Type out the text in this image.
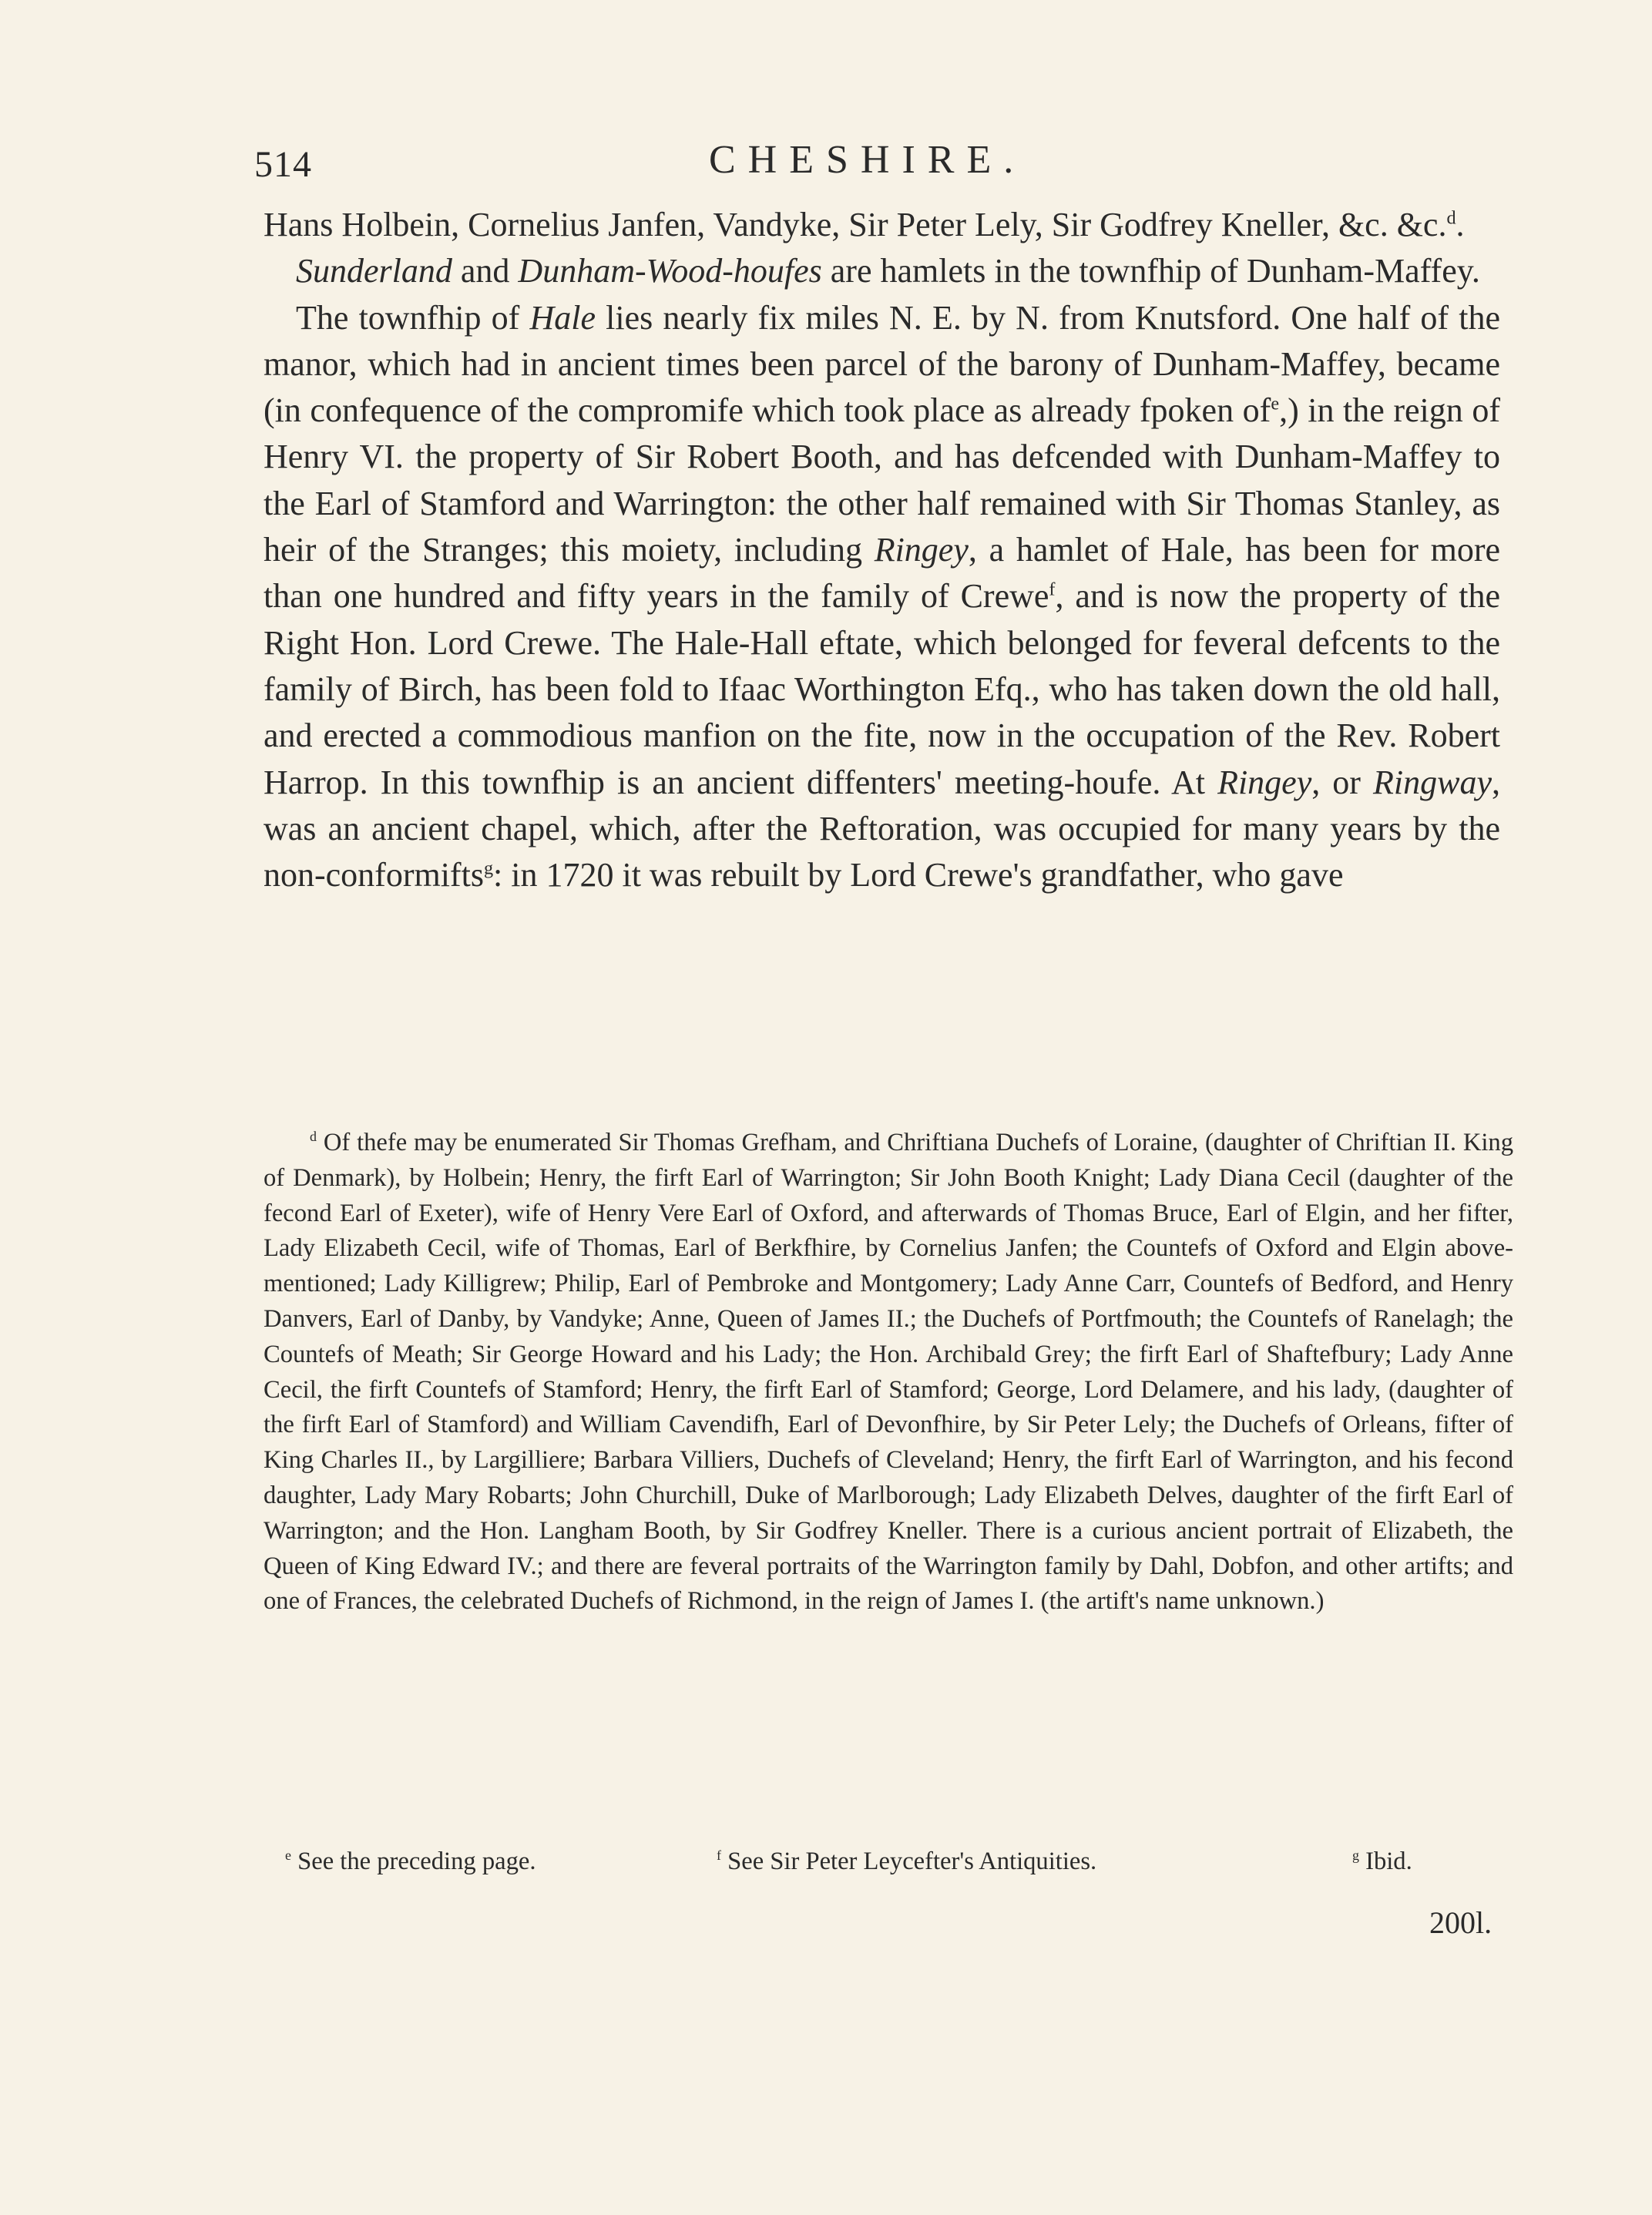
514	CHESHIRE.

Hans Holbein, Cornelius Janfen, Vandyke, Sir Peter Lely, Sir Godfrey Kneller, &c. &c.$^d$.

Sunderland and Dunham-Wood-houfes are hamlets in the townfhip of Dunham-Maffey.

The townfhip of Hale lies nearly fix miles N. E. by N. from Knutsford. One half of the manor, which had in ancient times been parcel of the barony of Dunham-Maffey, became (in confequence of the compromife which took place as already fpoken $of^e$,) in the reign of Henry VI. the property of Sir Robert Booth, and has defcended with Dunham-Maffey to the Earl of Stamford and Warrington: the other half remained with Sir Thomas Stanley, as heir of the Stranges; this moiety, including Ringey, a hamlet of Hale, has been for more than one hundred and fifty years in the family of Crewe$^f$, and is now the property of the Right Hon. Lord Crewe. The Hale-Hall eftate, which belonged for feveral defcents to the family of Birch, has been fold to Ifaac Worthington Efq., who has taken down the old hall, and erected a commodious manfion on the fite, now in the occupation of the Rev. Robert Harrop. In this townfhip is an ancient diffenters' meeting-houfe. At Ringey, or Ringway, was an ancient chapel, which, after the Reftoration, was occupied for many years by the non-conformifts$^g$: in 1720 it was rebuilt by Lord Crewe's grandfather, who gave

$^d$ Of thefe may be enumerated Sir Thomas Grefham, and Chriftiana Duchefs of Loraine, (daughter of Chriftian II. King of Denmark), by Holbein; Henry, the firft Earl of Warrington; Sir John Booth Knight; Lady Diana Cecil (daughter of the fecond Earl of Exeter), wife of Henry Vere Earl of Oxford, and afterwards of Thomas Bruce, Earl of Elgin, and her fifter, Lady Elizabeth Cecil, wife of Thomas, Earl of Berkfhire, by Cornelius Janfen; the Countefs of Oxford and Elgin above-mentioned; Lady Killigrew; Philip, Earl of Pembroke and Montgomery; Lady Anne Carr, Countefs of Bedford, and Henry Danvers, Earl of Danby, by Vandyke; Anne, Queen of James II.; the Duchefs of Portfmouth; the Countefs of Ranelagh; the Countefs of Meath; Sir George Howard and his Lady; the Hon. Archibald Grey; the firft Earl of Shaftefbury; Lady Anne Cecil, the firft Countefs of Stamford; Henry, the firft Earl of Stamford; George, Lord Delamere, and his lady, (daughter of the firft Earl of Stamford) and William Cavendifh, Earl of Devonfhire, by Sir Peter Lely; the Duchefs of Orleans, fifter of King Charles II., by Largilliere; Barbara Villiers, Duchefs of Cleveland; Henry, the firft Earl of Warrington, and his fecond daughter, Lady Mary Robarts; John Churchill, Duke of Marlborough; Lady Elizabeth Delves, daughter of the firft Earl of Warrington; and the Hon. Langham Booth, by Sir Godfrey Kneller. There is a curious ancient portrait of Elizabeth, the Queen of King Edward IV.; and there are feveral portraits of the Warrington family by Dahl, Dobfon, and other artifts; and one of Frances, the celebrated Duchefs of Richmond, in the reign of James I. (the artift's name unknown.)

$^e$ See the preceding page.	$^f$ See Sir Peter Leycefter's Antiquities.	$^g$ Ibid.
200l.
